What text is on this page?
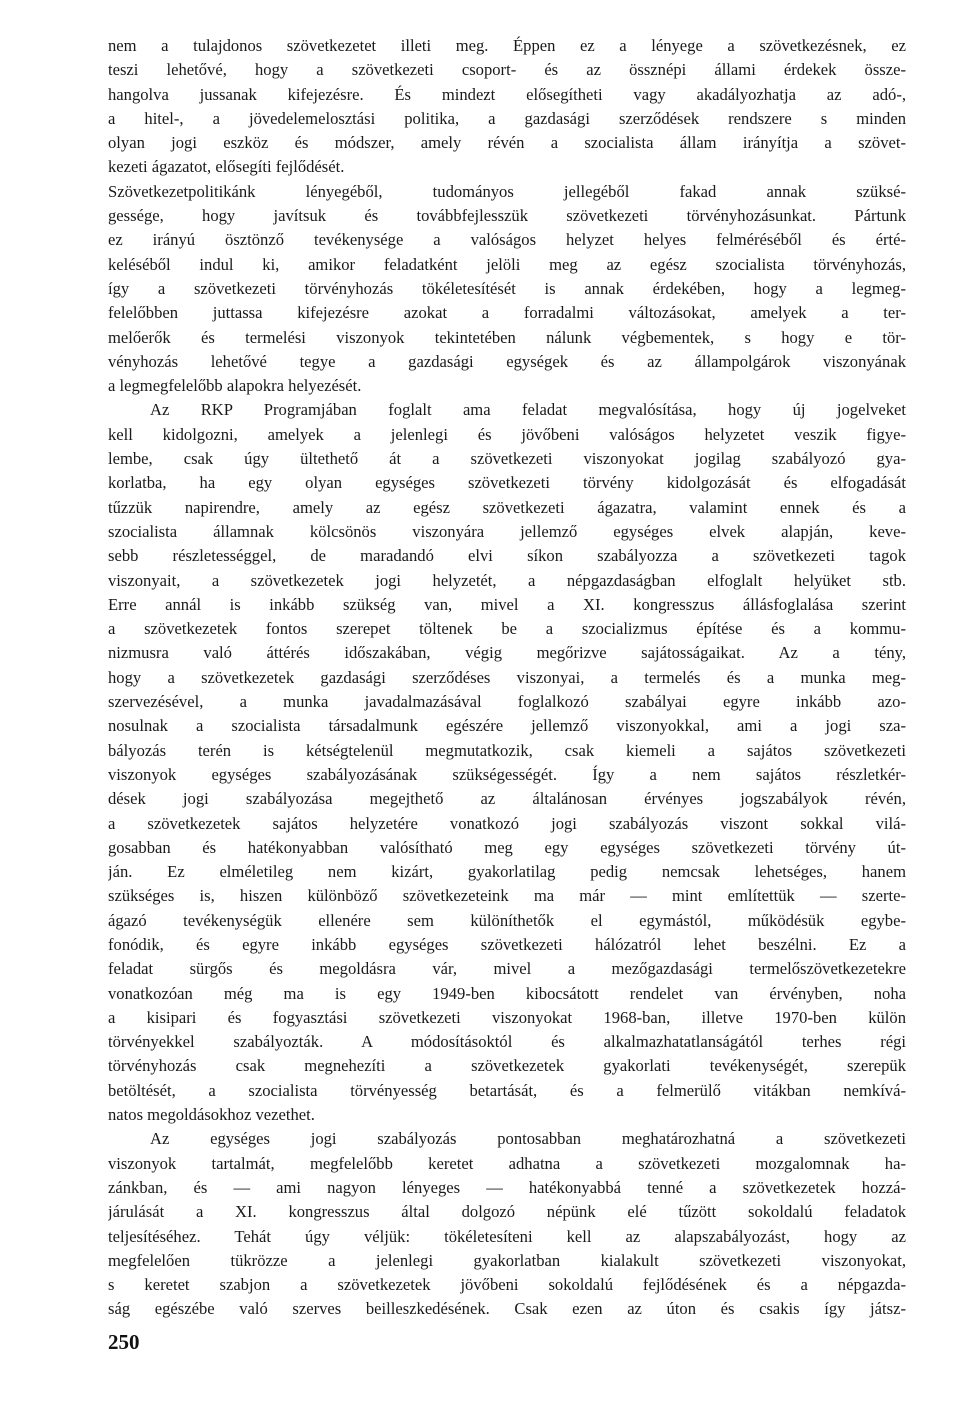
nem a tulajdonos szövetkezetet illeti meg. Éppen ez a lényege a szövetkezésnek, ez
teszi lehetővé, hogy a szövetkezeti csoport- és az össznépi állami érdekek össze-
hangolva jussanak kifejezésre. És mindezt elősegítheti vagy akadályozhatja az adó-,
a hitel-, a jövedelemelosztási politika, a gazdasági szerződések rendszere s minden
olyan jogi eszköz és módszer, amely révén a szocialista állam irányítja a szövet-
kezeti ágazatot, elősegíti fejlődését.
Szövetkezetpolitikánk lényegéből, tudományos jellegéből fakad annak szüksé-
gessége, hogy javítsuk és továbbfejlesszük szövetkezeti törvényhozásunkat. Pártunk
ez irányú ösztönző tevékenysége a valóságos helyzet helyes felméréséből és érté-
keléséből indul ki, amikor feladatként jelöli meg az egész szocialista törvényhozás,
így a szövetkezeti törvényhozás tökéletesítését is annak érdekében, hogy a legmeg-
felelőbben juttassa kifejezésre azokat a forradalmi változásokat, amelyek a ter-
melőerők és termelési viszonyok tekintetében nálunk végbementek, s hogy e tör-
vényhozás lehetővé tegye a gazdasági egységek és az állampolgárok viszonyának
a legmegfelelőbb alapokra helyezését.
Az RKP Programjában foglalt ama feladat megvalósítása, hogy új jogelveket
kell kidolgozni, amelyek a jelenlegi és jövőbeni valóságos helyzetet veszik figye-
lembe, csak úgy ültethető át a szövetkezeti viszonyokat jogilag szabályozó gya-
korlatba, ha egy olyan egységes szövetkezeti törvény kidolgozását és elfogadását
tűzzük napirendre, amely az egész szövetkezeti ágazatra, valamint ennek és a
szocialista államnak kölcsönös viszonyára jellemző egységes elvek alapján, keve-
sebb részletességgel, de maradandó elvi síkon szabályozza a szövetkezeti tagok
viszonyait, a szövetkezetek jogi helyzetét, a népgazdaságban elfoglalt helyüket stb.
Erre annál is inkább szükség van, mivel a XI. kongresszus állásfoglalása szerint
a szövetkezetek fontos szerepet töltenek be a szocializmus építése és a kommu-
nizmusra való áttérés időszakában, végig megőrizve sajátosságaikat. Az a tény,
hogy a szövetkezetek gazdasági szerződéses viszonyai, a termelés és a munka meg-
szervezésével, a munka javadalmazásával foglalkozó szabályai egyre inkább azo-
nosulnak a szocialista társadalmunk egészére jellemző viszonyokkal, ami a jogi sza-
bályozás terén is kétségtelenül megmutatkozik, csak kiemeli a sajátos szövetkezeti
viszonyok egységes szabályozásának szükségességét. Így a nem sajátos részletkér-
dések jogi szabályozása megejthető az általánosan érvényes jogszabályok révén,
a szövetkezetek sajátos helyzetére vonatkozó jogi szabályozás viszont sokkal vilá-
gosabban és hatékonyabban valósítható meg egy egységes szövetkezeti törvény út-
ján. Ez elméletileg nem kizárt, gyakorlatilag pedig nemcsak lehetséges, hanem
szükséges is, hiszen különböző szövetkezeteink ma már — mint említettük — szerte-
ágazó tevékenységük ellenére sem különíthetők el egymástól, működésük egybe-
fonódik, és egyre inkább egységes szövetkezeti hálózatról lehet beszélni. Ez a
feladat sürgős és megoldásra vár, mivel a mezőgazdasági termelőszövetkezetekre
vonatkozóan még ma is egy 1949-ben kibocsátott rendelet van érvényben, noha
a kisipari és fogyasztási szövetkezeti viszonyokat 1968-ban, illetve 1970-ben külön
törvényekkel szabályozták. A módosításoktól és alkalmazhatatlanságától terhes régi
törvényhozás csak megnehezíti a szövetkezetek gyakorlati tevékenységét, szerepük
betöltését, a szocialista törvényesség betartását, és a felmerülő vitákban nemkívá-
natos megoldásokhoz vezethet.
Az egységes jogi szabályozás pontosabban meghatározhatná a szövetkezeti
viszonyok tartalmát, megfelelőbb keretet adhatna a szövetkezeti mozgalomnak ha-
zánkban, és — ami nagyon lényeges — hatékonyabbá tenné a szövetkezetek hozzá-
járulását a XI. kongresszus által dolgozó népünk elé tűzött sokoldalú feladatok
teljesítéséhez. Tehát úgy véljük: tökéletesíteni kell az alapszabályozást, hogy az
megfelelően tükrözze a jelenlegi gyakorlatban kialakult szövetkezeti viszonyokat,
s keretet szabjon a szövetkezetek jövőbeni sokoldalú fejlődésének és a népgazda-
ság egészébe való szerves beilleszkedésének. Csak ezen az úton és csakis így játsz-
250
